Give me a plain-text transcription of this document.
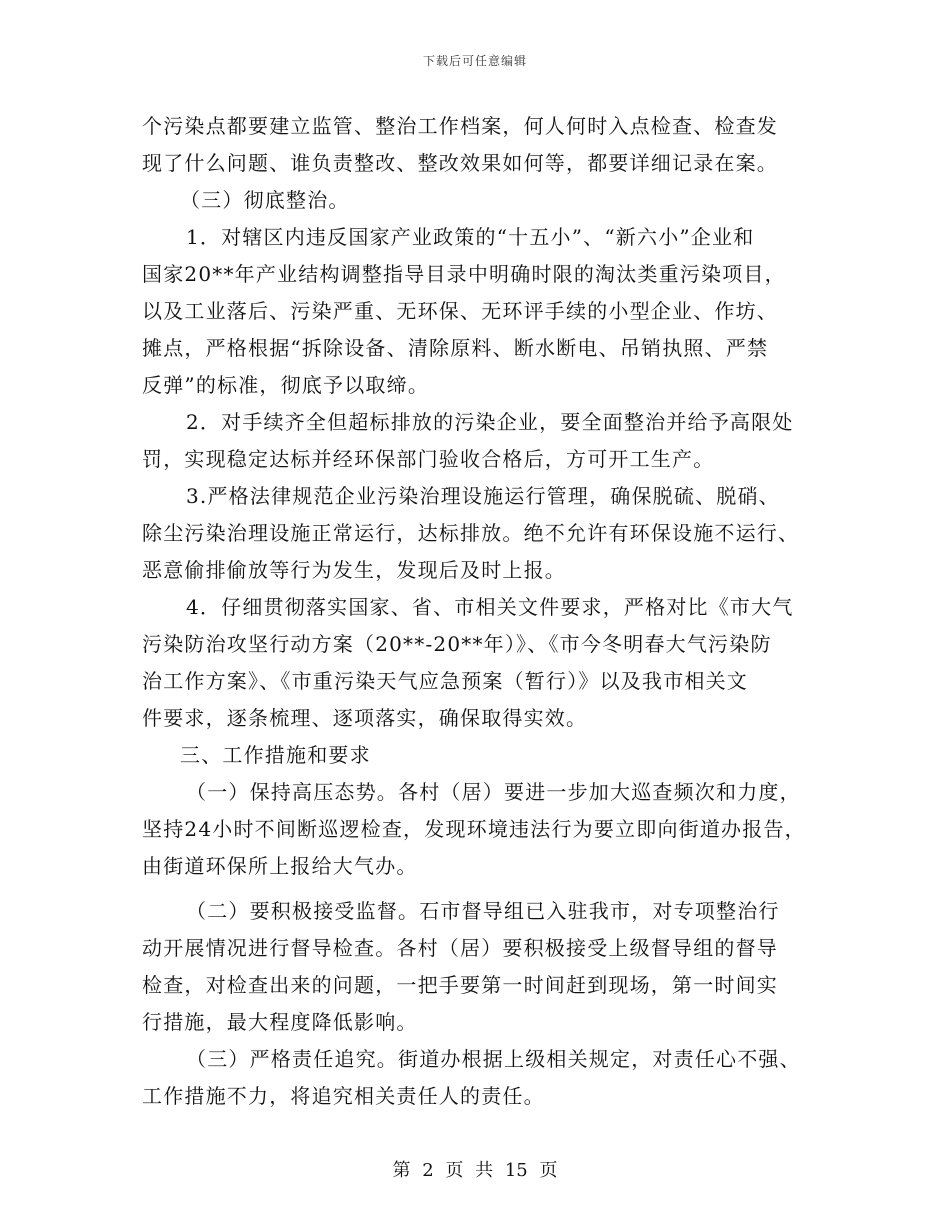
下载后可任意编辑
个污染点都要建立监管、整治工作档案，何人何时入点检查、检查发
现了什么问题、谁负责整改、整改效果如何等，都要详细记录在案。
（三）彻底整治。
1．对辖区内违反国家产业政策的“十五小”、“新六小”企业和
国家20**年产业结构调整指导目录中明确时限的淘汰类重污染项目，
以及工业落后、污染严重、无环保、无环评手续的小型企业、作坊、
摊点，严格根据“拆除设备、清除原料、断水断电、吊销执照、严禁
反弹”的标准，彻底予以取缔。
2．对手续齐全但超标排放的污染企业，要全面整治并给予高限处
罚，实现稳定达标并经环保部门验收合格后，方可开工生产。
3.严格法律规范企业污染治理设施运行管理，确保脱硫、脱硝、
除尘污染治理设施正常运行，达标排放。绝不允许有环保设施不运行、
恶意偷排偷放等行为发生，发现后及时上报。
4．仔细贯彻落实国家、省、市相关文件要求，严格对比《市大气
污染防治攻坚行动方案（20**-20**年）》、《市今冬明春大气污染防
治工作方案》、《市重污染天气应急预案（暂行）》以及我市相关文
件要求，逐条梳理、逐项落实，确保取得实效。
三、工作措施和要求
（一）保持高压态势。各村（居）要进一步加大巡查频次和力度，
坚持24小时不间断巡逻检查，发现环境违法行为要立即向街道办报告，
由街道环保所上报给大气办。
（二）要积极接受监督。石市督导组已入驻我市，对专项整治行
动开展情况进行督导检查。各村（居）要积极接受上级督导组的督导
检查，对检查出来的问题，一把手要第一时间赶到现场，第一时间实
行措施，最大程度降低影响。
（三）严格责任追究。街道办根据上级相关规定，对责任心不强、
工作措施不力，将追究相关责任人的责任。
第 2 页 共 15 页
